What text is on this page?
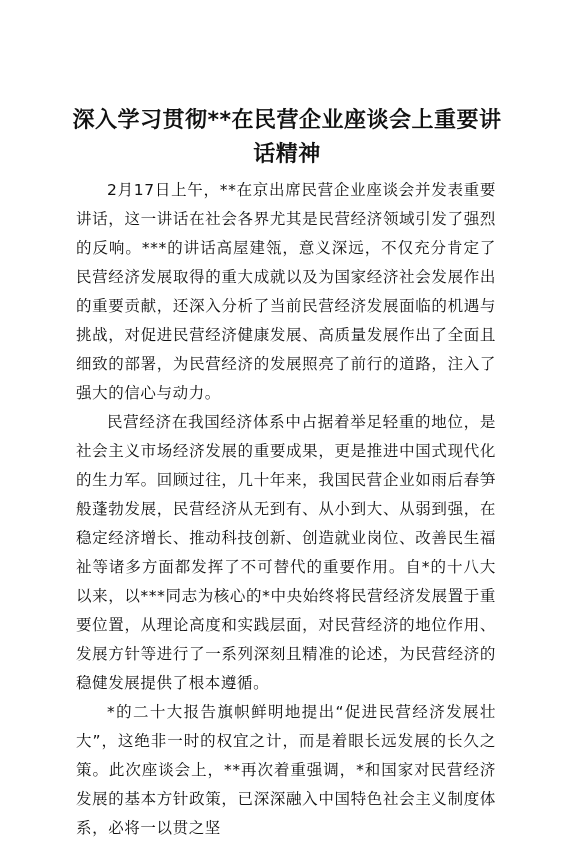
深入学习贯彻**在民营企业座谈会上重要讲话精神

2月17日上午，**在京出席民营企业座谈会并发表重要讲话，这一讲话在社会各界尤其是民营经济领域引发了强烈的反响。***的讲话高屋建瓴，意义深远，不仅充分肯定了民营经济发展取得的重大成就以及为国家经济社会发展作出的重要贡献，还深入分析了当前民营经济发展面临的机遇与挑战，对促进民营经济健康发展、高质量发展作出了全面且细致的部署，为民营经济的发展照亮了前行的道路，注入了强大的信心与动力。

民营经济在我国经济体系中占据着举足轻重的地位，是社会主义市场经济发展的重要成果，更是推进中国式现代化的生力军。回顾过往，几十年来，我国民营企业如雨后春笋般蓬勃发展，民营经济从无到有、从小到大、从弱到强，在稳定经济增长、推动科技创新、创造就业岗位、改善民生福祉等诸多方面都发挥了不可替代的重要作用。自*的十八大以来，以***同志为核心的*中央始终将民营经济发展置于重要位置，从理论高度和实践层面，对民营经济的地位作用、发展方针等进行了一系列深刻且精准的论述，为民营经济的稳健发展提供了根本遵循。

*的二十大报告旗帜鲜明地提出“促进民营经济发展壮大”，这绝非一时的权宜之计，而是着眼长远发展的长久之策。此次座谈会上，**再次着重强调，*和国家对民营经济发展的基本方针政策，已深深融入中国特色社会主义制度体系，必将一以贯之坚
